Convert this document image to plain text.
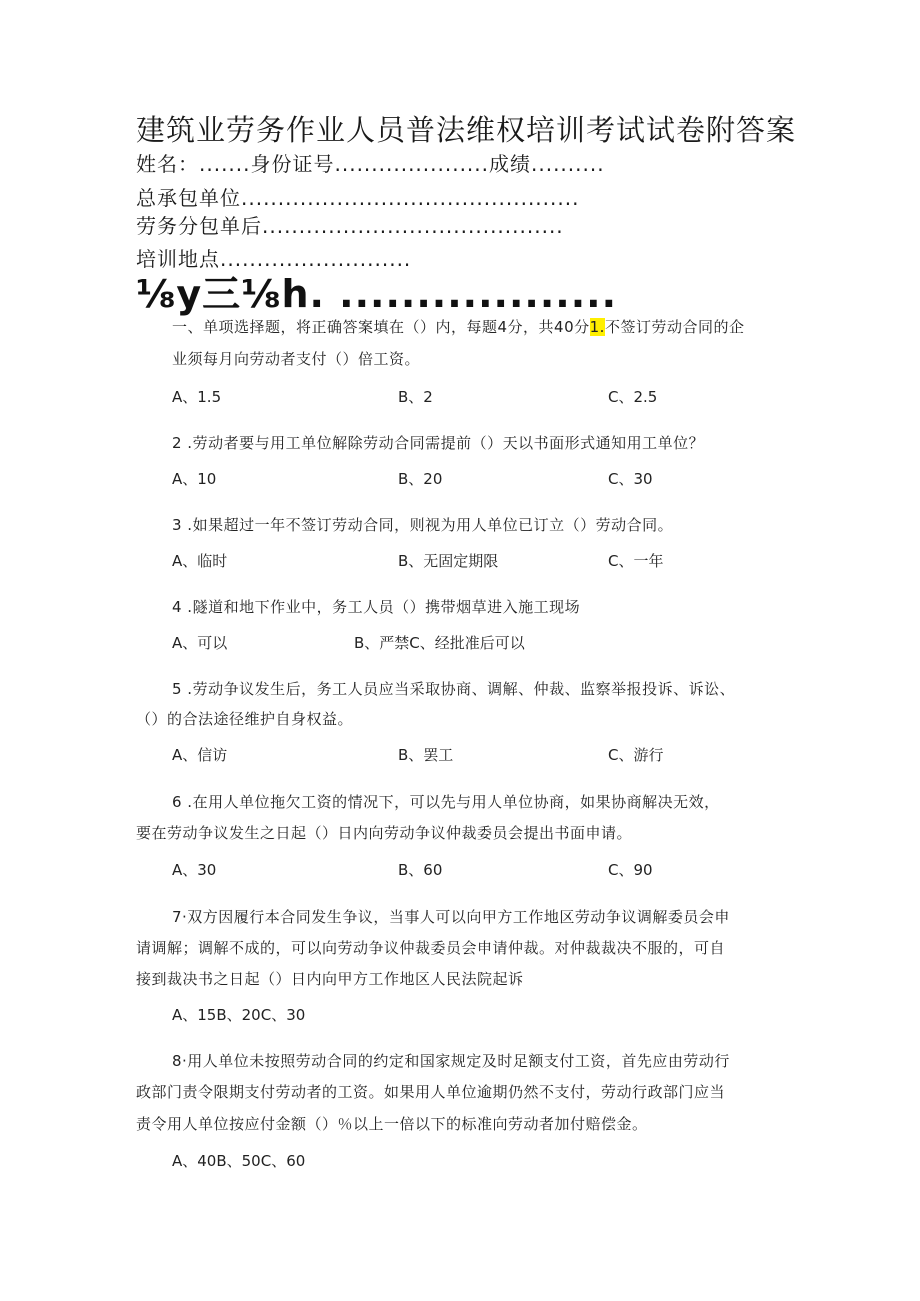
建筑业劳务作业人员普法维权培训考试试卷附答案
姓名：.......身份证号.....................成绩..........
总承包单位..............................................
劳务分包单后.........................................
培训地点..........................
⅛y三⅛h. ..................
一、单项选择题，将正确答案填在（）内，每题4分，共40分1.不签订劳动合同的企
业须每月向劳动者支付（）倍工资。
A、1.5	B、2	C、2.5
2 .劳动者要与用工单位解除劳动合同需提前（）天以书面形式通知用工单位？
A、10	B、20	C、30
3 .如果超过一年不签订劳动合同，则视为用人单位已订立（）劳动合同。
A、临时	B、无固定期限	C、一年
4 .隧道和地下作业中，务工人员（）携带烟草进入施工现场
A、可以	B、严禁C、经批准后可以
5 .劳动争议发生后，务工人员应当采取协商、调解、仲裁、监察举报投诉、诉讼、
（）的合法途径维护自身权益。
A、信访	B、罢工	C、游行
6 .在用人单位拖欠工资的情况下，可以先与用人单位协商，如果协商解决无效，
要在劳动争议发生之日起（）日内向劳动争议仲裁委员会提出书面申请。
A、30	B、60	C、90
7·双方因履行本合同发生争议，当事人可以向甲方工作地区劳动争议调解委员会申
请调解；调解不成的，可以向劳动争议仲裁委员会申请仲裁。对仲裁裁决不服的，可自
接到裁决书之日起（）日内向甲方工作地区人民法院起诉
A、15B、20C、30
8·用人单位未按照劳动合同的约定和国家规定及时足额支付工资，首先应由劳动行
政部门责令限期支付劳动者的工资。如果用人单位逾期仍然不支付，劳动行政部门应当
责令用人单位按应付金额（）％以上一倍以下的标准向劳动者加付赔偿金。
A、40B、50C、60
